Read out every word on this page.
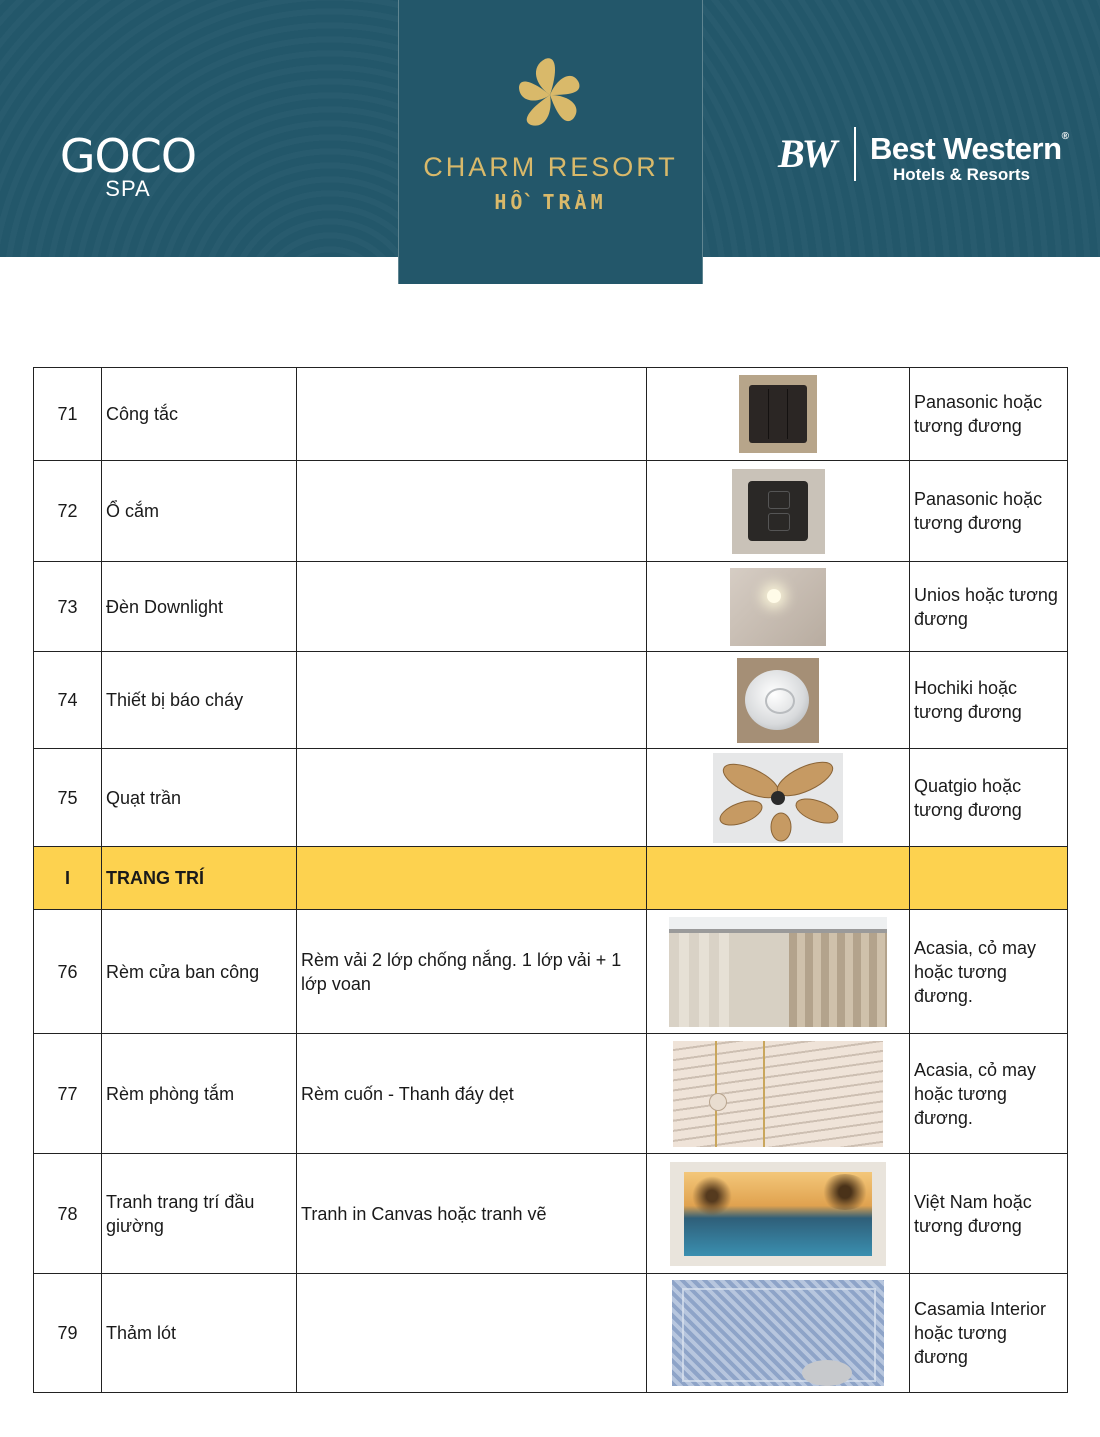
GOCO
SPA
CHARM RESORT
HỒ TRÀM
BW Best Western®
Hotels & Resorts
71	Công tắc			Panasonic hoặc tương đương
72	Ổ cắm			Panasonic hoặc tương đương
73	Đèn Downlight			Unios hoặc tương đương
74	Thiết bị báo cháy			Hochiki hoặc tương đương
75	Quạt trần			Quatgio hoặc tương đương
I	TRANG TRÍ			
76	Rèm cửa ban công	Rèm vải 2 lớp chống nắng. 1 lớp vải + 1 lớp voan		Acasia, cỏ may hoặc tương đương.
77	Rèm phòng tắm	Rèm cuốn - Thanh đáy dẹt		Acasia, cỏ may hoặc tương đương.
78	Tranh trang trí đầu giường	Tranh in Canvas hoặc tranh vẽ		Việt Nam hoặc tương đương
79	Thảm lót			Casamia Interior hoặc tương đương
